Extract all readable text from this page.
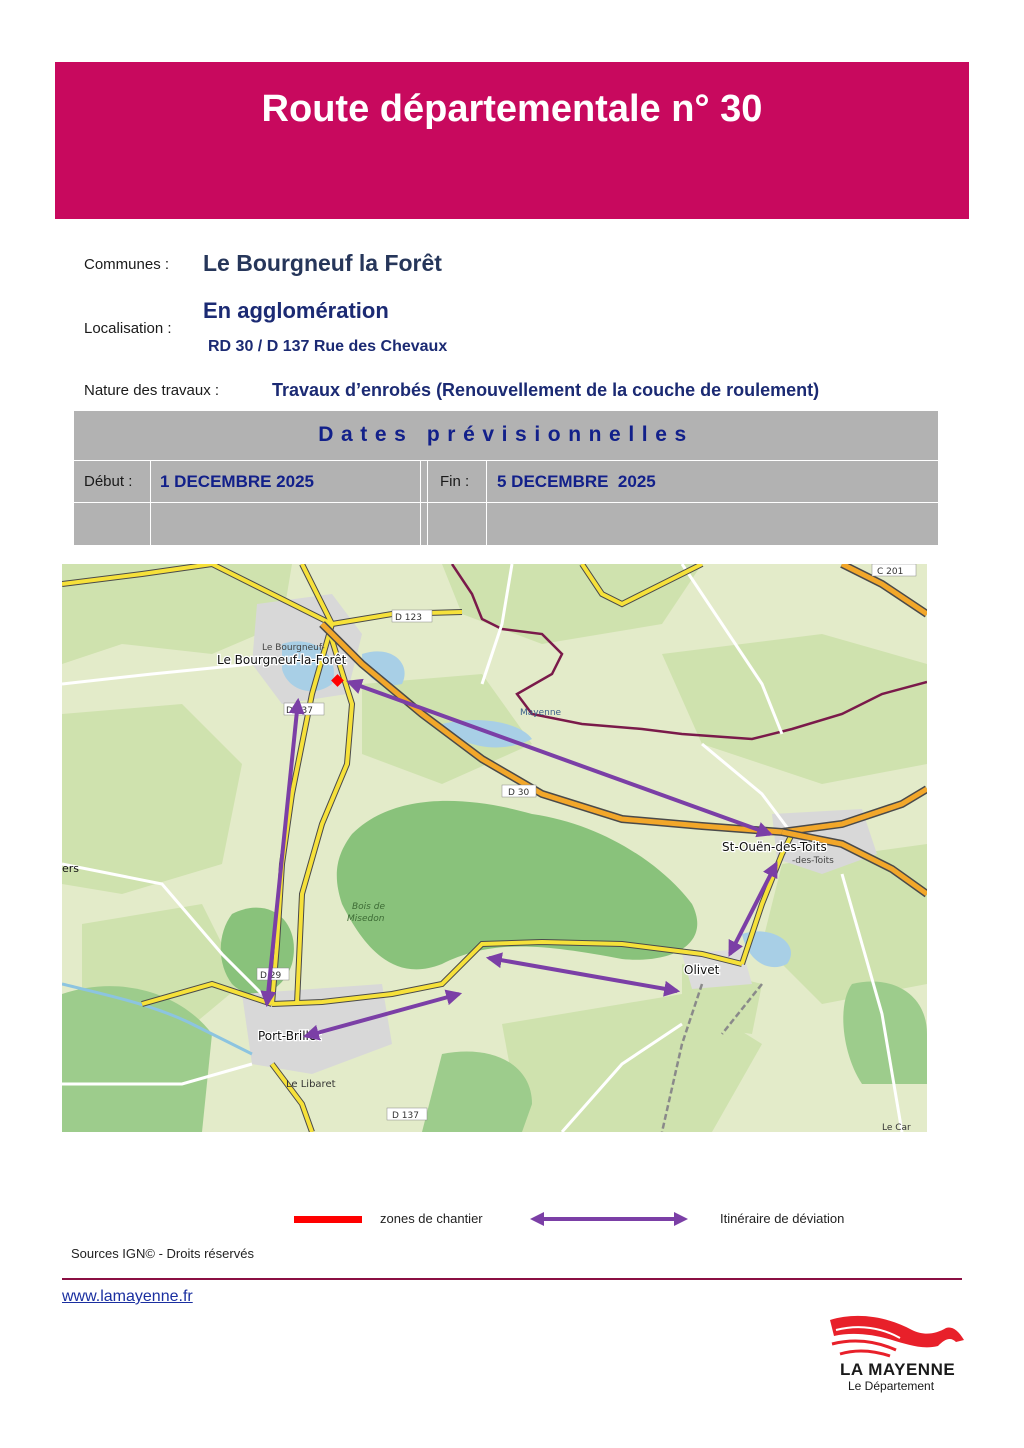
Route départementale n° 30
Communes : Le Bourgneuf la Forêt
Localisation :
En agglomération
RD 30 / D 137 Rue des Chevaux
Nature des travaux :	Travaux d’enrobés (Renouvellement de la couche de roulement)
Dates prévisionnelles
Début : 1 DECEMBRE 2025	Fin : 5 DECEMBRE  2025
D 137
D 30
D 29
D 137
D 123
C 201
Le Bourgneuf-
Le Bourgneuf-la-Forêt
St-Ouën-des-Toits
-des-Toits
Olivet
Port-Brillet
Bois de
Misedon
Mayenne
Le Libaret
ers
Le Car
zones de chantier	Itinéraire de déviation
Sources IGN© - Droits réservés
www.lamayenne.fr
LA MAYENNE
Le Département
